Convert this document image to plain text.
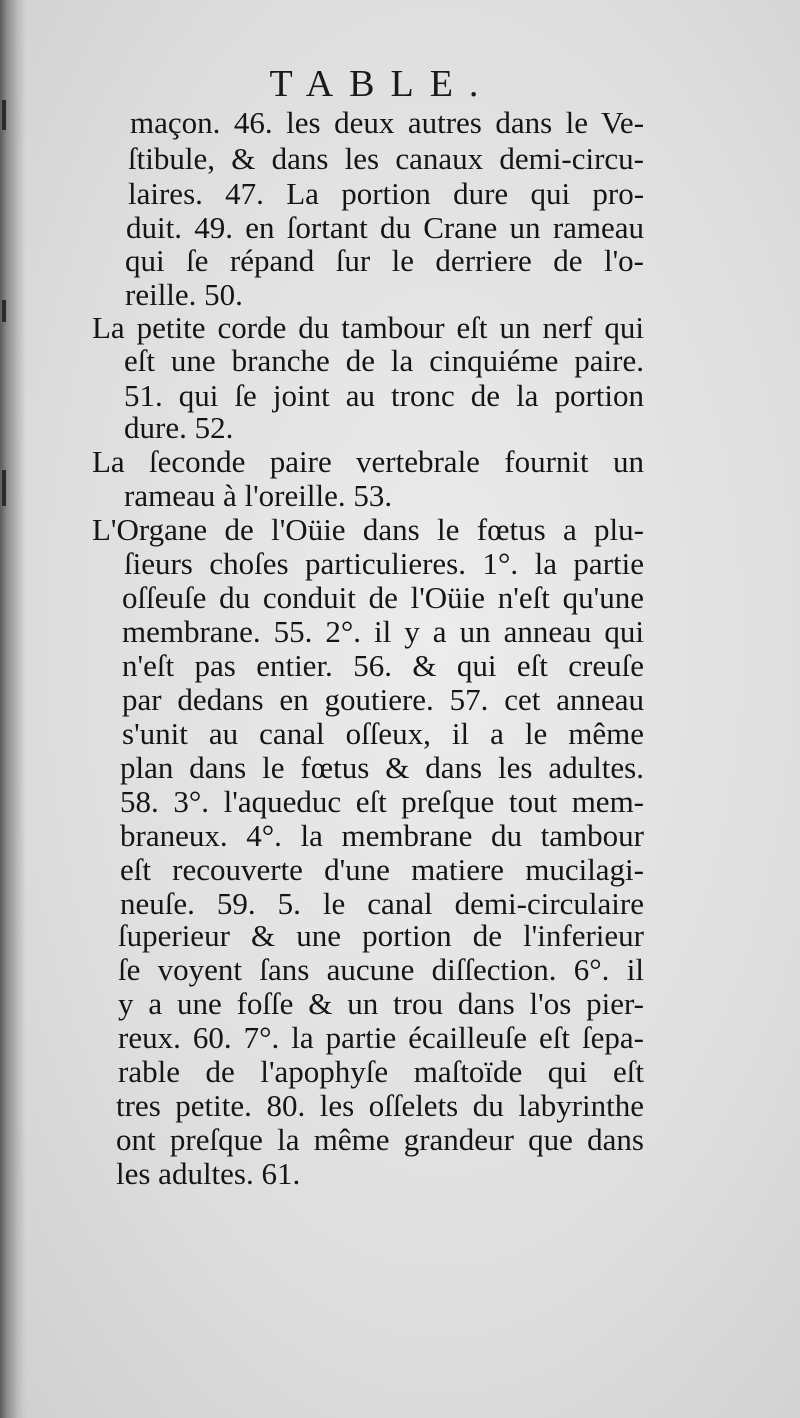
TABLE.
maçon. 46. les deux autres dans le Ve-
ſtibule, & dans les canaux demi-circu-
laires. 47. La portion dure qui pro-
duit. 49. en ſortant du Crane un rameau
qui ſe répand ſur le derriere de l'o-
reille. 50.
La petite corde du tambour eſt un nerf qui
eſt une branche de la cinquiéme paire.
51. qui ſe joint au tronc de la portion
dure. 52.
La ſeconde paire vertebrale fournit un
rameau à l'oreille. 53.
L'Organe de l'Oüie dans le fœtus a plu-
ſieurs choſes particulieres. 1°. la partie
oſſeuſe du conduit de l'Oüie n'eſt qu'une
membrane. 55. 2°. il y a un anneau qui
n'eſt pas entier. 56. & qui eſt creuſe
par dedans en goutiere. 57. cet anneau
s'unit au canal oſſeux, il a le même
plan dans le fœtus & dans les adultes.
58. 3°. l'aqueduc eſt preſque tout mem-
braneux. 4°. la membrane du tambour
eſt recouverte d'une matiere mucilagi-
neuſe. 59. 5. le canal demi-circulaire
ſuperieur & une portion de l'inferieur
ſe voyent ſans aucune diſſection. 6°. il
y a une foſſe & un trou dans l'os pier-
reux. 60. 7°. la partie écailleuſe eſt ſepa-
rable de l'apophyſe maſtoïde qui eſt
tres petite. 80. les oſſelets du labyrinthe
ont preſque la même grandeur que dans
les adultes. 61.
